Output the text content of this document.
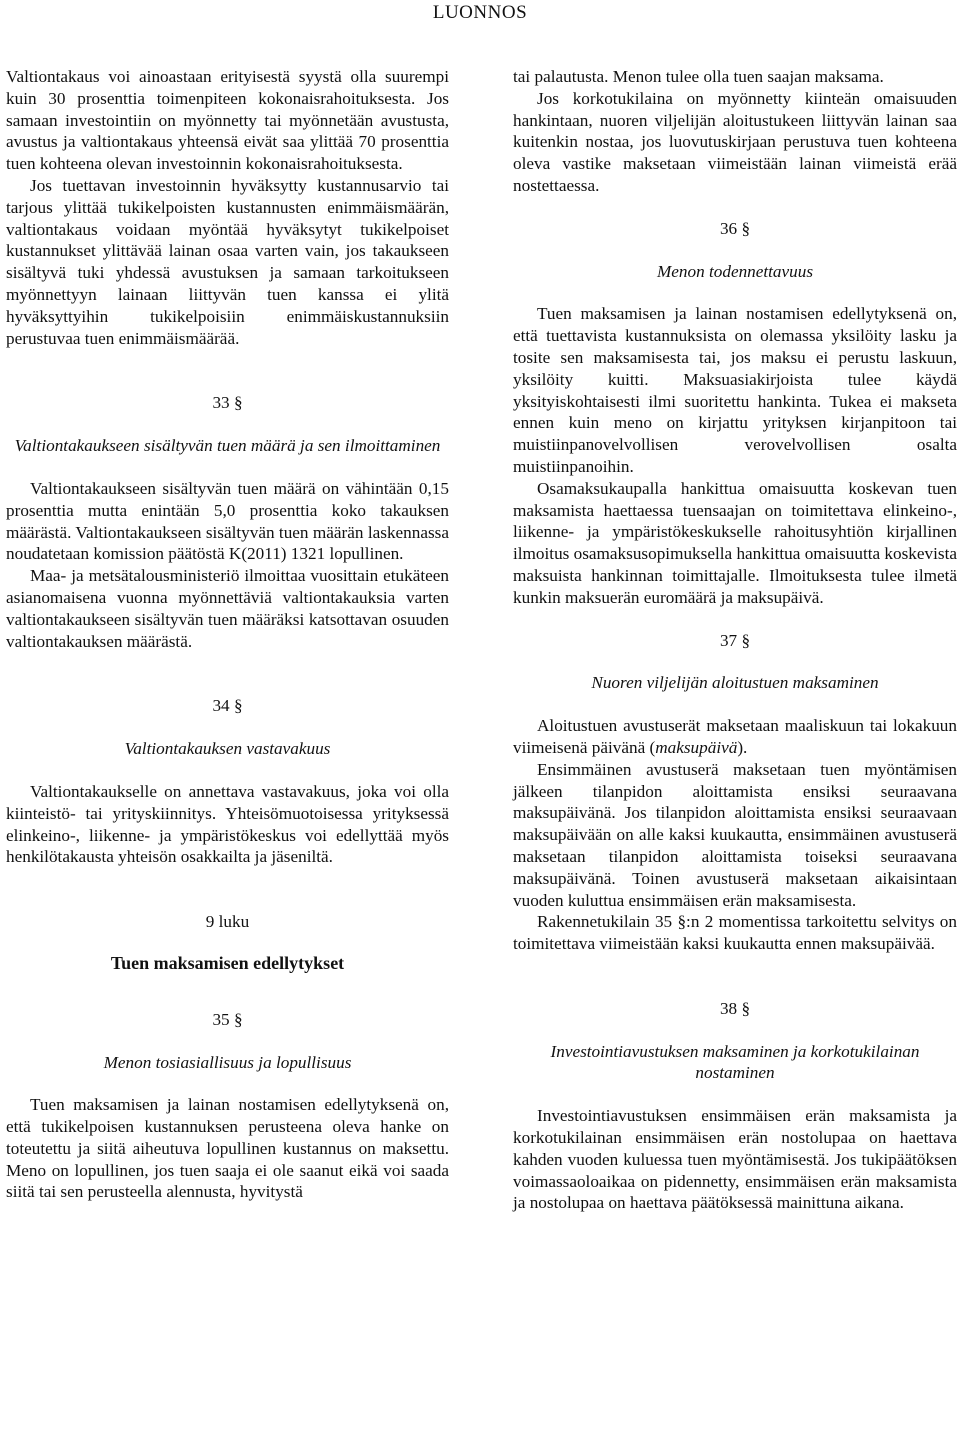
LUONNOS

Valtiontakaus voi ainoastaan erityisestä syystä olla suurempi kuin 30 prosenttia toimenpiteen kokonaisrahoituksesta. Jos samaan investointiin on myönnetty tai myönnetään avustusta, avustus ja valtiontakaus yhteensä eivät saa ylittää 70 prosenttia tuen kohteena olevan investoinnin kokonaisrahoituksesta.

Jos tuettavan investoinnin hyväksytty kustannusarvio tai tarjous ylittää tukikelpoisten kustannusten enimmäismäärän, valtiontakaus voidaan myöntää hyväksytyt tukikelpoiset kustannukset ylittävää lainan osaa varten vain, jos takaukseen sisältyvä tuki yhdessä avustuksen ja samaan tarkoitukseen myönnettyyn lainaan liittyvän tuen kanssa ei ylitä hyväksyttyihin tukikelpoisiin enimmäiskustannuksiin perustuvaa tuen enimmäismäärää.

33 §

Valtiontakaukseen sisältyvän tuen määrä ja sen ilmoittaminen

Valtiontakaukseen sisältyvän tuen määrä on vähintään 0,15 prosenttia mutta enintään 5,0 prosenttia koko takauksen määrästä. Valtiontakaukseen sisältyvän tuen määrän laskennassa noudatetaan komission päätöstä K(2011) 1321 lopullinen.

Maa- ja metsätalousministeriö ilmoittaa vuosittain etukäteen asianomaisena vuonna myönnettäviä valtiontakauksia varten valtiontakaukseen sisältyvän tuen määräksi katsottavan osuuden valtiontakauksen määrästä.

34 §

Valtiontakauksen vastavakuus

Valtiontakaukselle on annettava vastavakuus, joka voi olla kiinteistö- tai yrityskiinnitys. Yhteisömuotoisessa yrityksessä elinkeino-, liikenne- ja ympäristökeskus voi edellyttää myös henkilötakausta yhteisön osakkailta ja jäseniltä.

9 luku

Tuen maksamisen edellytykset

35 §

Menon tosiasiallisuus ja lopullisuus

Tuen maksamisen ja lainan nostamisen edellytyksenä on, että tukikelpoisen kustannuksen perusteena oleva hanke on toteutettu ja siitä aiheutuva lopullinen kustannus on maksettu. Meno on lopullinen, jos tuen saaja ei ole saanut eikä voi saada siitä tai sen perusteella alennusta, hyvitystä

tai palautusta. Menon tulee olla tuen saajan maksama.

Jos korkotukilaina on myönnetty kiinteän omaisuuden hankintaan, nuoren viljelijän aloitustukeen liittyvän lainan saa kuitenkin nostaa, jos luovutuskirjaan perustuva tuen kohteena oleva vastike maksetaan viimeistään lainan viimeistä erää nostettaessa.

36 §

Menon todennettavuus

Tuen maksamisen ja lainan nostamisen edellytyksenä on, että tuettavista kustannuksista on olemassa yksilöity lasku ja tosite sen maksamisesta tai, jos maksu ei perustu laskuun, yksilöity kuitti. Maksuasiakirjoista tulee käydä yksityiskohtaisesti ilmi suoritettu hankinta. Tukea ei makseta ennen kuin meno on kirjattu yrityksen kirjanpitoon tai muistiinpanovelvollisen verovelvollisen osalta muistiinpanoihin.

Osamaksukaupalla hankittua omaisuutta koskevan tuen maksamista haettaessa tuensaajan on toimitettava elinkeino-, liikenne- ja ympäristökeskukselle rahoitusyhtiön kirjallinen ilmoitus osamaksusopimuksella hankittua omaisuutta koskevista maksuista hankinnan toimittajalle. Ilmoituksesta tulee ilmetä kunkin maksuerän euromäärä ja maksupäivä.

37 §

Nuoren viljelijän aloitustuen maksaminen

Aloitustuen avustuserät maksetaan maaliskuun tai lokakuun viimeisenä päivänä (maksupäivä).

Ensimmäinen avustuserä maksetaan tuen myöntämisen jälkeen tilanpidon aloittamista ensiksi seuraavana maksupäivänä. Jos tilanpidon aloittamista ensiksi seuraavaan maksupäivään on alle kaksi kuukautta, ensimmäinen avustuserä maksetaan tilanpidon aloittamista toiseksi seuraavana maksupäivänä. Toinen avustuserä maksetaan aikaisintaan vuoden kuluttua ensimmäisen erän maksamisesta.

Rakennetukilain 35 §:n 2 momentissa tarkoitettu selvitys on toimitettava viimeistään kaksi kuukautta ennen maksupäivää.

38 §

Investointiavustuksen maksaminen ja korkotukilainan nostaminen

Investointiavustuksen ensimmäisen erän maksamista ja korkotukilainan ensimmäisen erän nostolupaa on haettava kahden vuoden kuluessa tuen myöntämisestä. Jos tukipäätöksen voimassaoloaikaa on pidennetty, ensimmäisen erän maksamista ja nostolupaa on haettava päätöksessä mainittuna aikana.
